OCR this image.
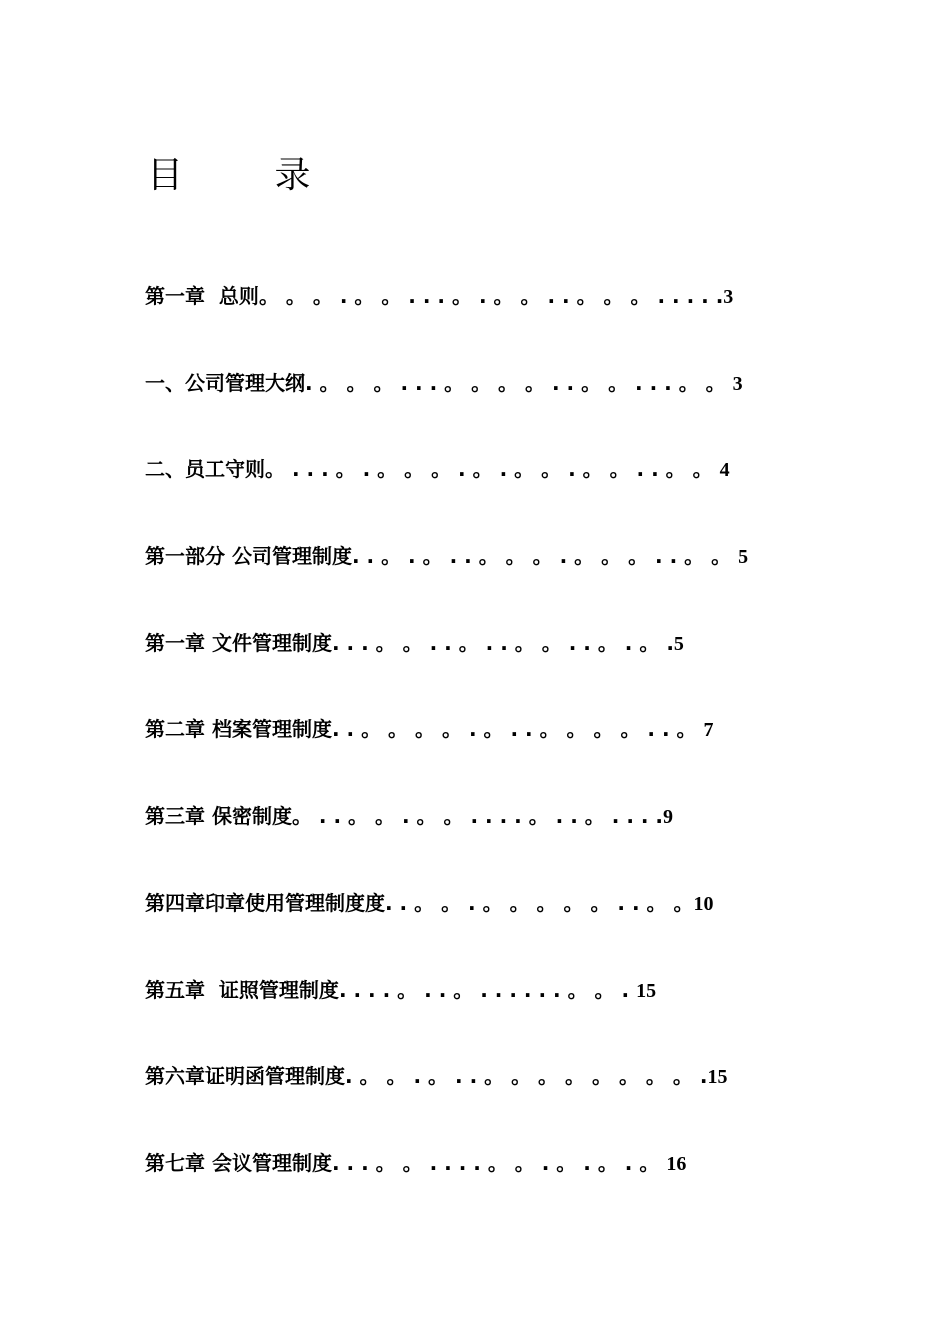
目        录
第一章  总则。 。 。 . 。 。 . . . 。 . 。 。 . . 。 。 。 . . . . .3
一、公司管理大纲. 。 。 。 . . . 。 。 。 。 . . 。 。 . . . 。 。 3
二、员工守则。 . . . 。 . 。 。 。 . 。 . 。 。 . 。 。 . . 。 。 4
第一部分 公司管理制度. . 。 . 。 . . 。 。 。 . 。 。 。 . . 。 。 5
第一章 文件管理制度. . . 。 。 . . 。 . . 。 。 . . 。 . 。 .5
第二章 档案管理制度. . 。 。 。 。 . 。 . . 。 。 。 。 . . 。 7
第三章 保密制度。 . . 。 。 . 。 。 . . . . 。 . . 。 . . . .9
第四章印章使用管理制度度. . 。 。 . 。 。 。 。 。 . . 。 。10
第五章  证照管理制度. . . . 。 . . 。 . . . . . . 。 。 . 15
第六章证明函管理制度. 。 。 . 。 . . 。 。 。 。 。 。 。 。 .15
第七章 会议管理制度. . . 。 。 . . . . 。 。 . 。 . 。 . 。 16
